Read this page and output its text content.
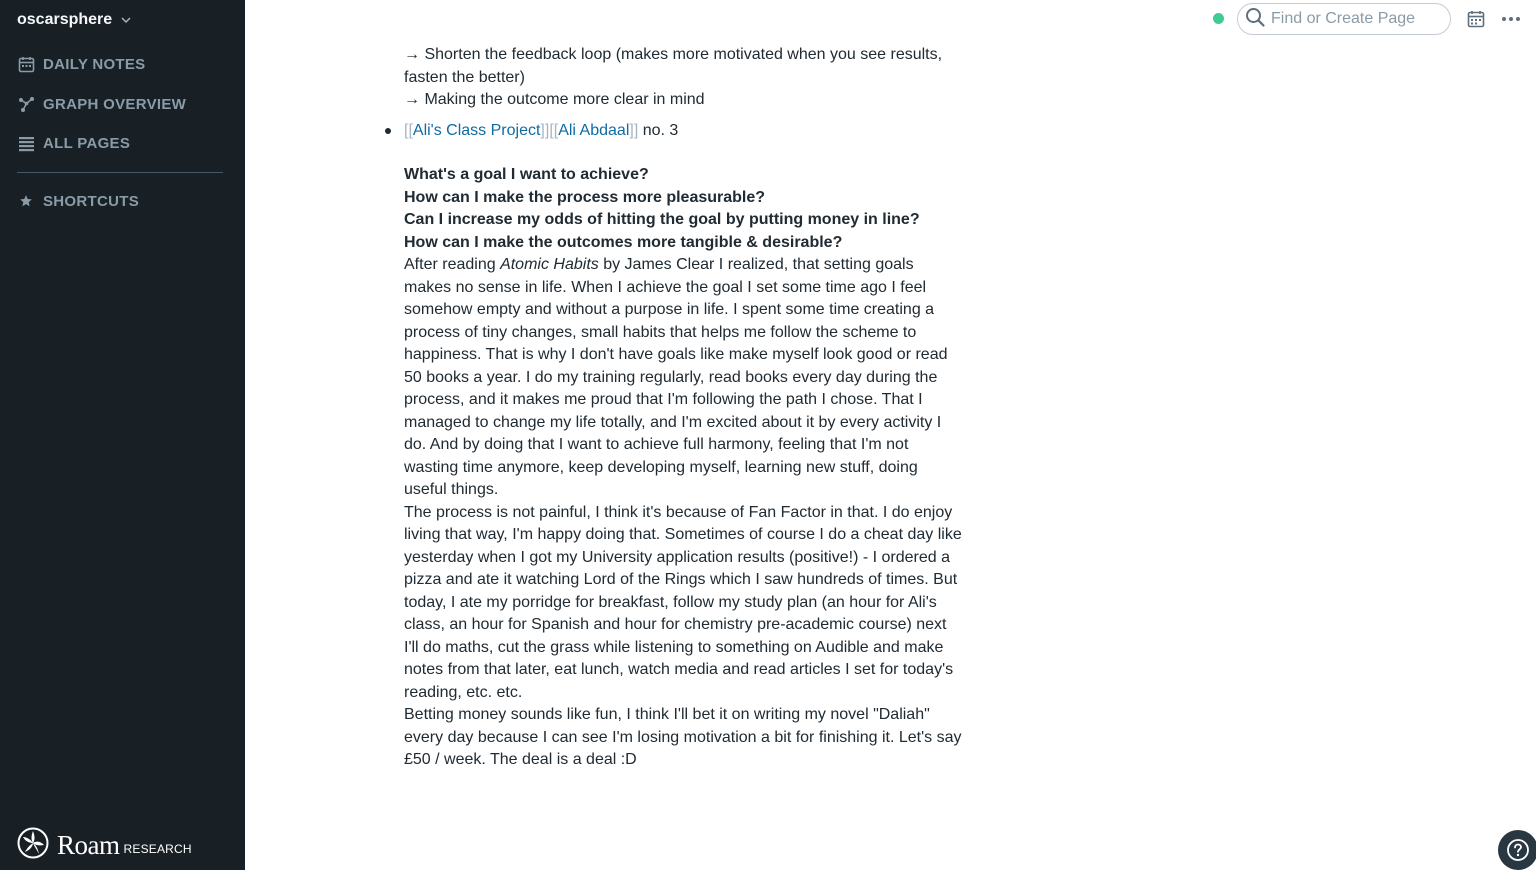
oscarsphere
DAILY NOTES
GRAPH OVERVIEW
ALL PAGES
SHORTCUTS
Roam RESEARCH
Find or Create Page

→ Shorten the feedback loop (makes more motivated when you see results, fasten the better)

→ Making the outcome more clear in mind

[[Ali's Class Project]][[Ali Abdaal]] no. 3

What's a goal I want to achieve?

How can I make the process more pleasurable?

Can I increase my odds of hitting the goal by putting money in line?

How can I make the outcomes more tangible & desirable?

After reading Atomic Habits by James Clear I realized, that setting goals makes no sense in life. When I achieve the goal I set some time ago I feel somehow empty and without a purpose in life. I spent some time creating a process of tiny changes, small habits that helps me follow the scheme to happiness. That is why I don't have goals like make myself look good or read 50 books a year. I do my training regularly, read books every day during the process, and it makes me proud that I'm following the path I chose. That I managed to change my life totally, and I'm excited about it by every activity I do. And by doing that I want to achieve full harmony, feeling that I'm not wasting time anymore, keep developing myself, learning new stuff, doing useful things.

The process is not painful, I think it's because of Fan Factor in that. I do enjoy living that way, I'm happy doing that. Sometimes of course I do a cheat day like yesterday when I got my University application results (positive!) - I ordered a pizza and ate it watching Lord of the Rings which I saw hundreds of times. But today, I ate my porridge for breakfast, follow my study plan (an hour for Ali's class, an hour for Spanish and hour for chemistry pre-academic course) next I'll do maths, cut the grass while listening to something on Audible and make notes from that later, eat lunch, watch media and read articles I set for today's reading, etc. etc.

Betting money sounds like fun, I think I'll bet it on writing my novel "Daliah" every day because I can see I'm losing motivation a bit for finishing it. Let's say £50 / week. The deal is a deal :D
